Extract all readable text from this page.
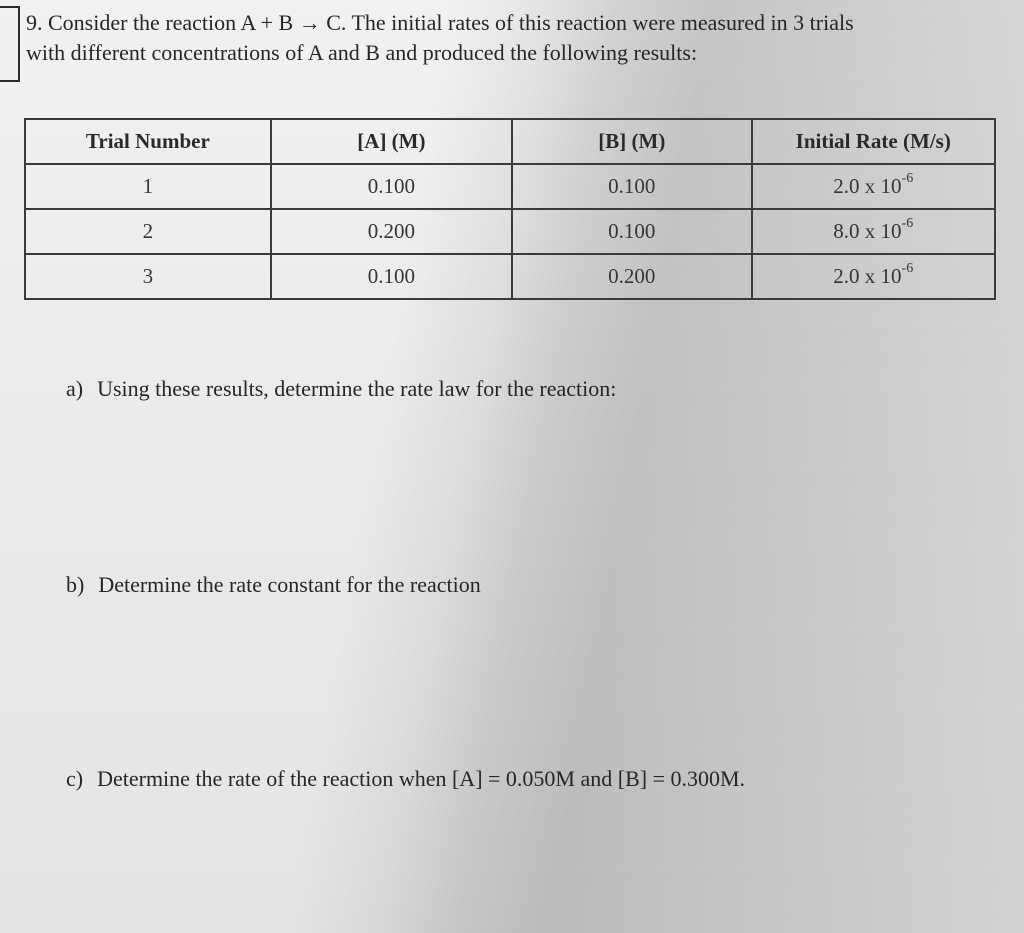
9. Consider the reaction A + B → C. The initial rates of this reaction were measured in 3 trials
with different concentrations of A and B and produced the following results:
Trial Number	[A] (M)	[B] (M)	Initial Rate (M/s)
1	0.100	0.100	2.0 x $10^{-6}$
2	0.200	0.100	8.0 x $10^{-6}$
3	0.100	0.200	2.0 x $10^{-6}$
a) Using these results, determine the rate law for the reaction:
b) Determine the rate constant for the reaction
c) Determine the rate of the reaction when [A] = 0.050M and [B] = 0.300M.
